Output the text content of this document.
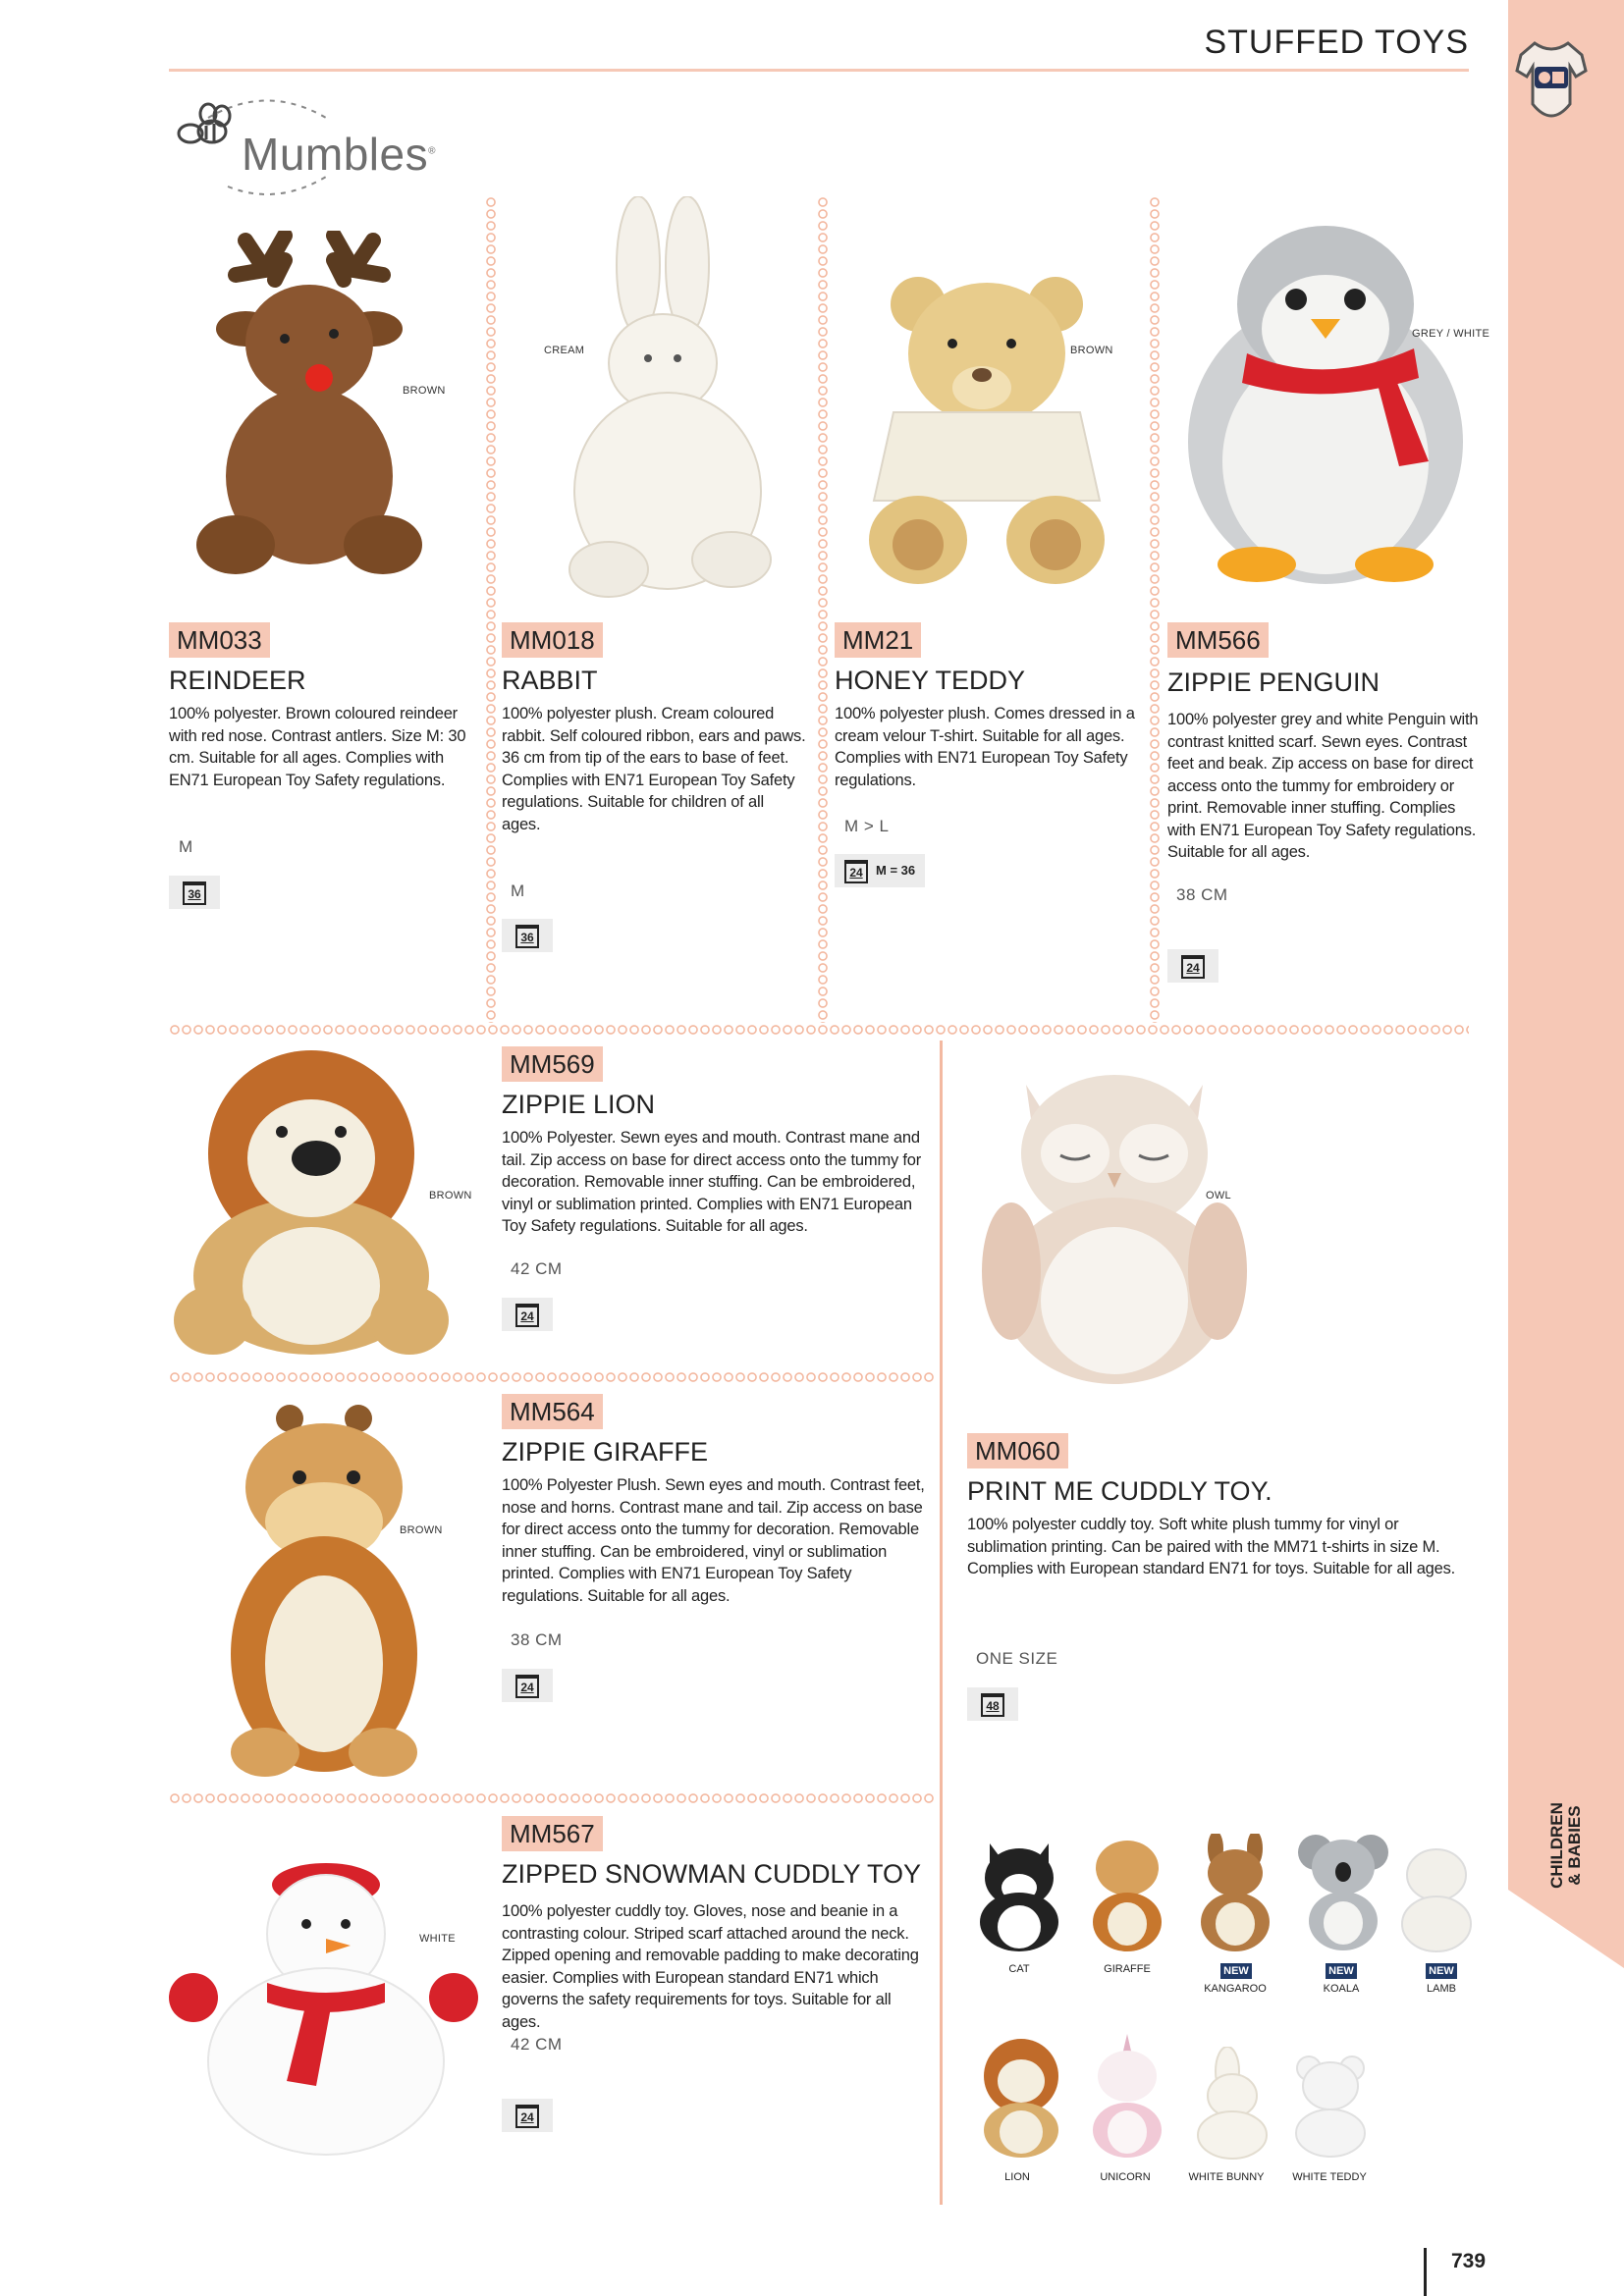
CHILDREN & BABIES
STUFFED TOYS
Mumbles®
BROWN
MM033
REINDEER
100% polyester. Brown coloured reindeer with red nose. Contrast antlers. Size M: 30 cm. Suitable for all ages. Complies with EN71 European Toy Safety regulations.
M
36
CREAM
MM018
RABBIT
100% polyester plush. Cream coloured rabbit. Self coloured ribbon, ears and paws. 36 cm from tip of the ears to base of feet. Complies with EN71 European Toy Safety regulations. Suitable for children of all ages.
M
36
BROWN
MM21
HONEY TEDDY
100% polyester plush. Comes dressed in a cream velour T-shirt. Suitable for all ages. Complies with EN71 European Toy Safety regulations.
M > L
24 M = 36
GREY / WHITE
MM566
ZIPPIE PENGUIN
100% polyester grey and white Penguin with contrast knitted scarf. Sewn eyes. Contrast feet and beak. Zip access on base for direct access onto the tummy for embroidery or print. Removable inner stuffing. Complies with EN71 European Toy Safety regulations. Suitable for all ages.
38 CM
24
BROWN
MM569
ZIPPIE LION
100% Polyester. Sewn eyes and mouth. Contrast mane and tail. Zip access on base for direct access onto the tummy for decoration. Removable inner stuffing. Can be embroidered, vinyl or sublimation printed. Complies with EN71 European Toy Safety regulations. Suitable for all ages.
42 CM
24
BROWN
MM564
ZIPPIE GIRAFFE
100% Polyester Plush. Sewn eyes and mouth. Contrast feet, nose and horns. Contrast mane and tail. Zip access on base for direct access onto the tummy for decoration. Removable inner stuffing. Can be embroidered, vinyl or sublimation printed. Complies with EN71 European Toy Safety regulations. Suitable for all ages.
38 CM
24
WHITE
MM567
ZIPPED SNOWMAN CUDDLY TOY
100% polyester cuddly toy. Gloves, nose and beanie in a contrasting colour. Striped scarf attached around the neck. Zipped opening and removable padding to make decorating easier. Complies with European standard EN71 which governs the safety requirements for toys. Suitable for all ages.
42 CM
24
OWL
MM060
PRINT ME CUDDLY TOY.
100% polyester cuddly toy. Soft white plush tummy for vinyl or sublimation printing. Can be paired with the MM71 t-shirts in size M. Complies with European standard EN71 for toys. Suitable for all ages.
ONE SIZE
48
CAT	GIRAFFE	NEW
KANGAROO
NEW
KOALA
NEW
LAMB
LION	UNICORN	WHITE BUNNY	WHITE TEDDY
739
